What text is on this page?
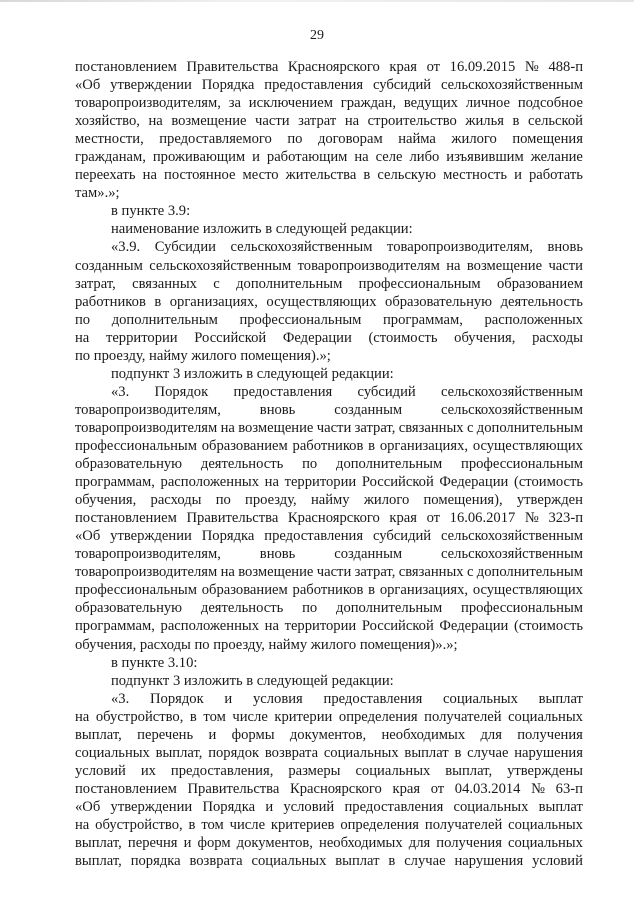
29
постановлением Правительства Красноярского края от 16.09.2015 № 488-п
«Об утверждении Порядка предоставления субсидий сельскохозяйственным
товаропроизводителям, за исключением граждан, ведущих личное подсобное
хозяйство, на возмещение части затрат на строительство жилья в сельской
местности, предоставляемого по договорам найма жилого помещения
гражданам, проживающим и работающим на селе либо изъявившим желание
переехать на постоянное место жительства в сельскую местность и работать
там».»;
в пункте 3.9:
наименование изложить в следующей редакции:
«3.9. Субсидии сельскохозяйственным товаропроизводителям, вновь
созданным сельскохозяйственным товаропроизводителям на возмещение части
затрат, связанных с дополнительным профессиональным образованием
работников в организациях, осуществляющих образовательную деятельность
по дополнительным профессиональным программам, расположенных
на территории Российской Федерации (стоимость обучения, расходы
по проезду, найму жилого помещения).»;
подпункт 3 изложить в следующей редакции:
«3. Порядок предоставления субсидий сельскохозяйственным
товаропроизводителям,	вновь	созданным	сельскохозяйственным
товаропроизводителям на возмещение части затрат, связанных с дополнительным
профессиональным образованием работников в организациях, осуществляющих
образовательную деятельность по дополнительным профессиональным
программам, расположенных на территории Российской Федерации (стоимость
обучения, расходы по проезду, найму жилого помещения), утвержден
постановлением Правительства Красноярского края от 16.06.2017 № 323-п
«Об утверждении Порядка предоставления субсидий сельскохозяйственным
товаропроизводителям,	вновь	созданным	сельскохозяйственным
товаропроизводителям на возмещение части затрат, связанных с дополнительным
профессиональным образованием работников в организациях, осуществляющих
образовательную деятельность по дополнительным профессиональным
программам, расположенных на территории Российской Федерации (стоимость
обучения, расходы по проезду, найму жилого помещения)».»;
в пункте 3.10:
подпункт 3 изложить в следующей редакции:
«3. Порядок и условия предоставления социальных выплат
на обустройство, в том числе критерии определения получателей социальных
выплат, перечень и формы документов, необходимых для получения
социальных выплат, порядок возврата социальных выплат в случае нарушения
условий их предоставления, размеры социальных выплат, утверждены
постановлением Правительства Красноярского края от 04.03.2014 № 63-п
«Об утверждении Порядка и условий предоставления социальных выплат
на обустройство, в том числе критериев определения получателей социальных
выплат, перечня и форм документов, необходимых для получения социальных
выплат, порядка возврата социальных выплат в случае нарушения условий
